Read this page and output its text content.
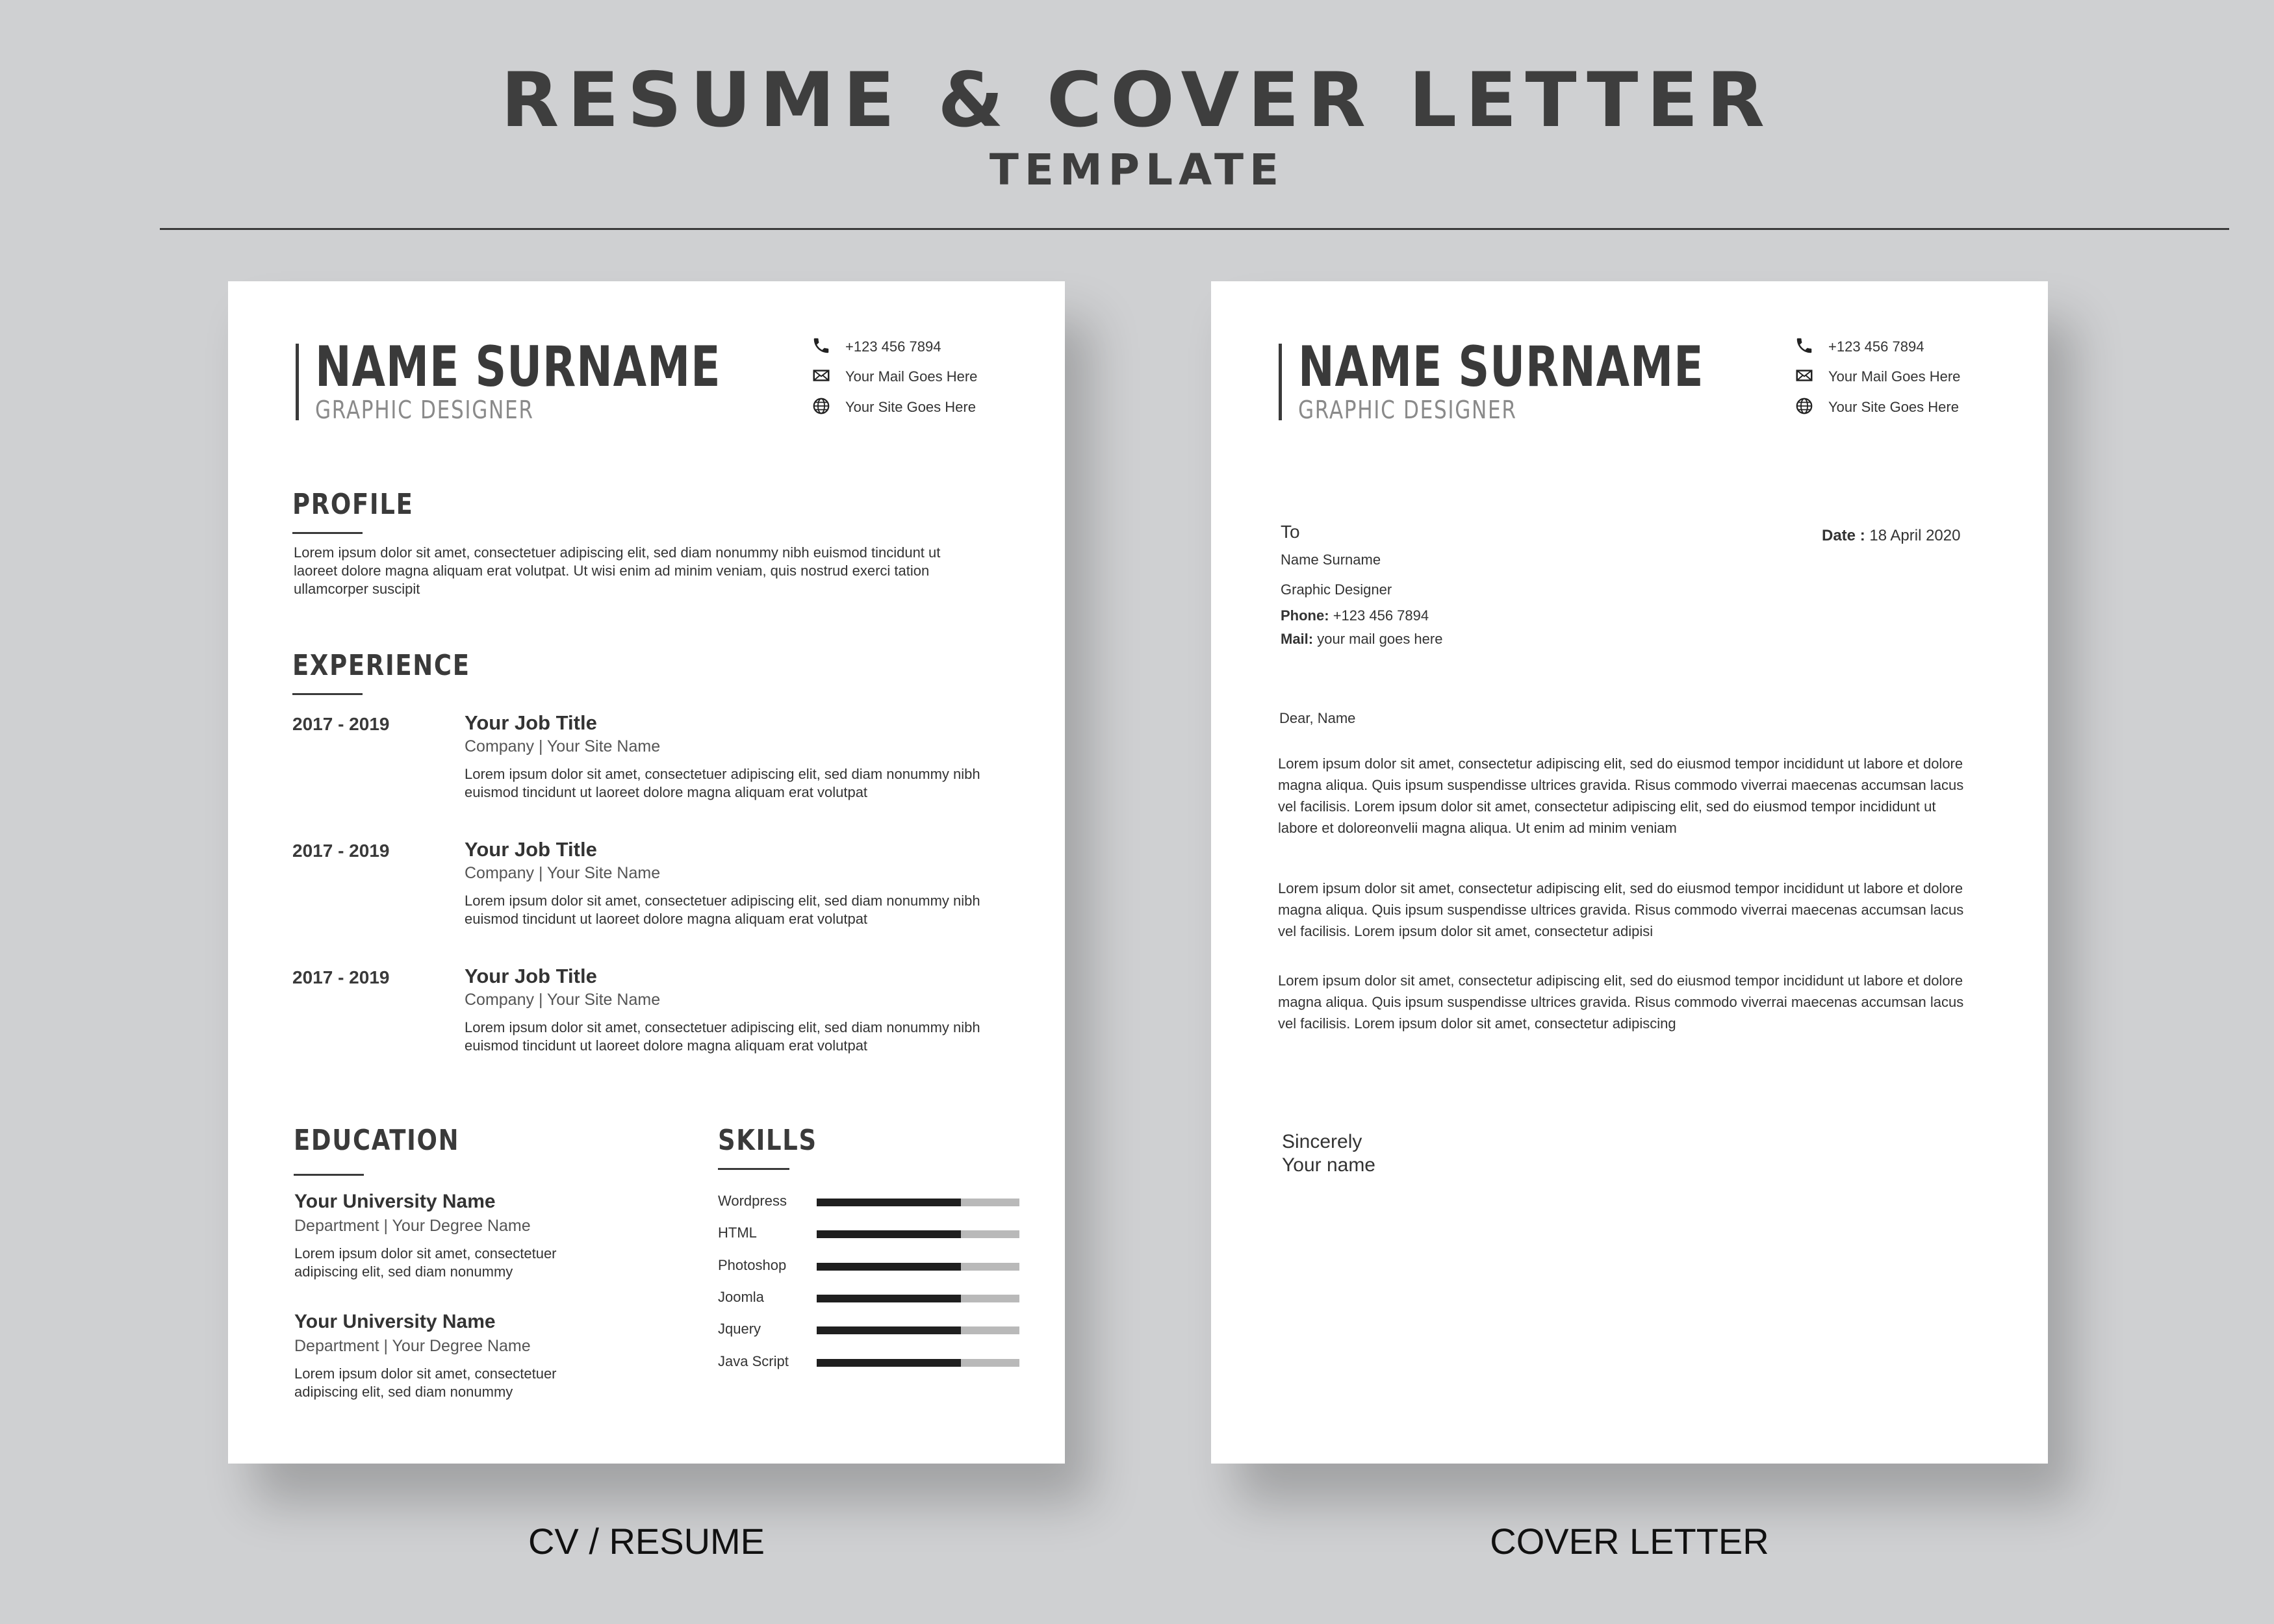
RESUME & COVER LETTER
TEMPLATE
NAME SURNAME
GRAPHIC DESIGNER
+123 456 7894
Your Mail Goes Here
Your Site Goes Here
PROFILE
Lorem ipsum dolor sit amet, consectetuer adipiscing elit, sed diam nonummy nibh euismod tincidunt ut laoreet dolore magna aliquam erat volutpat. Ut wisi enim ad minim veniam, quis nostrud exerci tation ullamcorper suscipit
EXPERIENCE
2017 - 2019	Your Job Title
Company | Your Site Name
Lorem ipsum dolor sit amet, consectetuer adipiscing elit, sed diam nonummy nibh euismod tincidunt ut laoreet dolore magna aliquam erat volutpat
2017 - 2019	Your Job Title
Company | Your Site Name
Lorem ipsum dolor sit amet, consectetuer adipiscing elit, sed diam nonummy nibh euismod tincidunt ut laoreet dolore magna aliquam erat volutpat
2017 - 2019	Your Job Title
Company | Your Site Name
Lorem ipsum dolor sit amet, consectetuer adipiscing elit, sed diam nonummy nibh euismod tincidunt ut laoreet dolore magna aliquam erat volutpat
EDUCATION
Your University Name
Department | Your Degree Name
Lorem ipsum dolor sit amet, consectetuer adipiscing elit, sed diam nonummy
Your University Name
Department | Your Degree Name
Lorem ipsum dolor sit amet, consectetuer adipiscing elit, sed diam nonummy
SKILLS
Wordpress
HTML
Photoshop
Joomla
Jquery
Java Script
CV / RESUME
NAME SURNAME
GRAPHIC DESIGNER
+123 456 7894
Your Mail Goes Here
Your Site Goes Here
To
Name Surname
Graphic Designer
Phone: +123 456 7894
Mail: your mail goes here
Date : 18 April 2020
Dear, Name
Lorem ipsum dolor sit amet, consectetur adipiscing elit, sed do eiusmod tempor incididunt ut labore et dolore magna aliqua. Quis ipsum suspendisse ultrices gravida. Risus commodo viverrai maecenas accumsan lacus vel facilisis. Lorem ipsum dolor sit amet, consectetur adipiscing elit, sed do eiusmod tempor incididunt ut labore et doloreonvelii magna aliqua. Ut enim ad minim veniam
Lorem ipsum dolor sit amet, consectetur adipiscing elit, sed do eiusmod tempor incididunt ut labore et dolore magna aliqua. Quis ipsum suspendisse ultrices gravida. Risus commodo viverrai maecenas accumsan lacus vel facilisis. Lorem ipsum dolor sit amet, consectetur adipisi
Lorem ipsum dolor sit amet, consectetur adipiscing elit, sed do eiusmod tempor incididunt ut labore et dolore magna aliqua. Quis ipsum suspendisse ultrices gravida. Risus commodo viverrai maecenas accumsan lacus vel facilisis. Lorem ipsum dolor sit amet, consectetur adipiscing
Sincerely
Your name
COVER LETTER
